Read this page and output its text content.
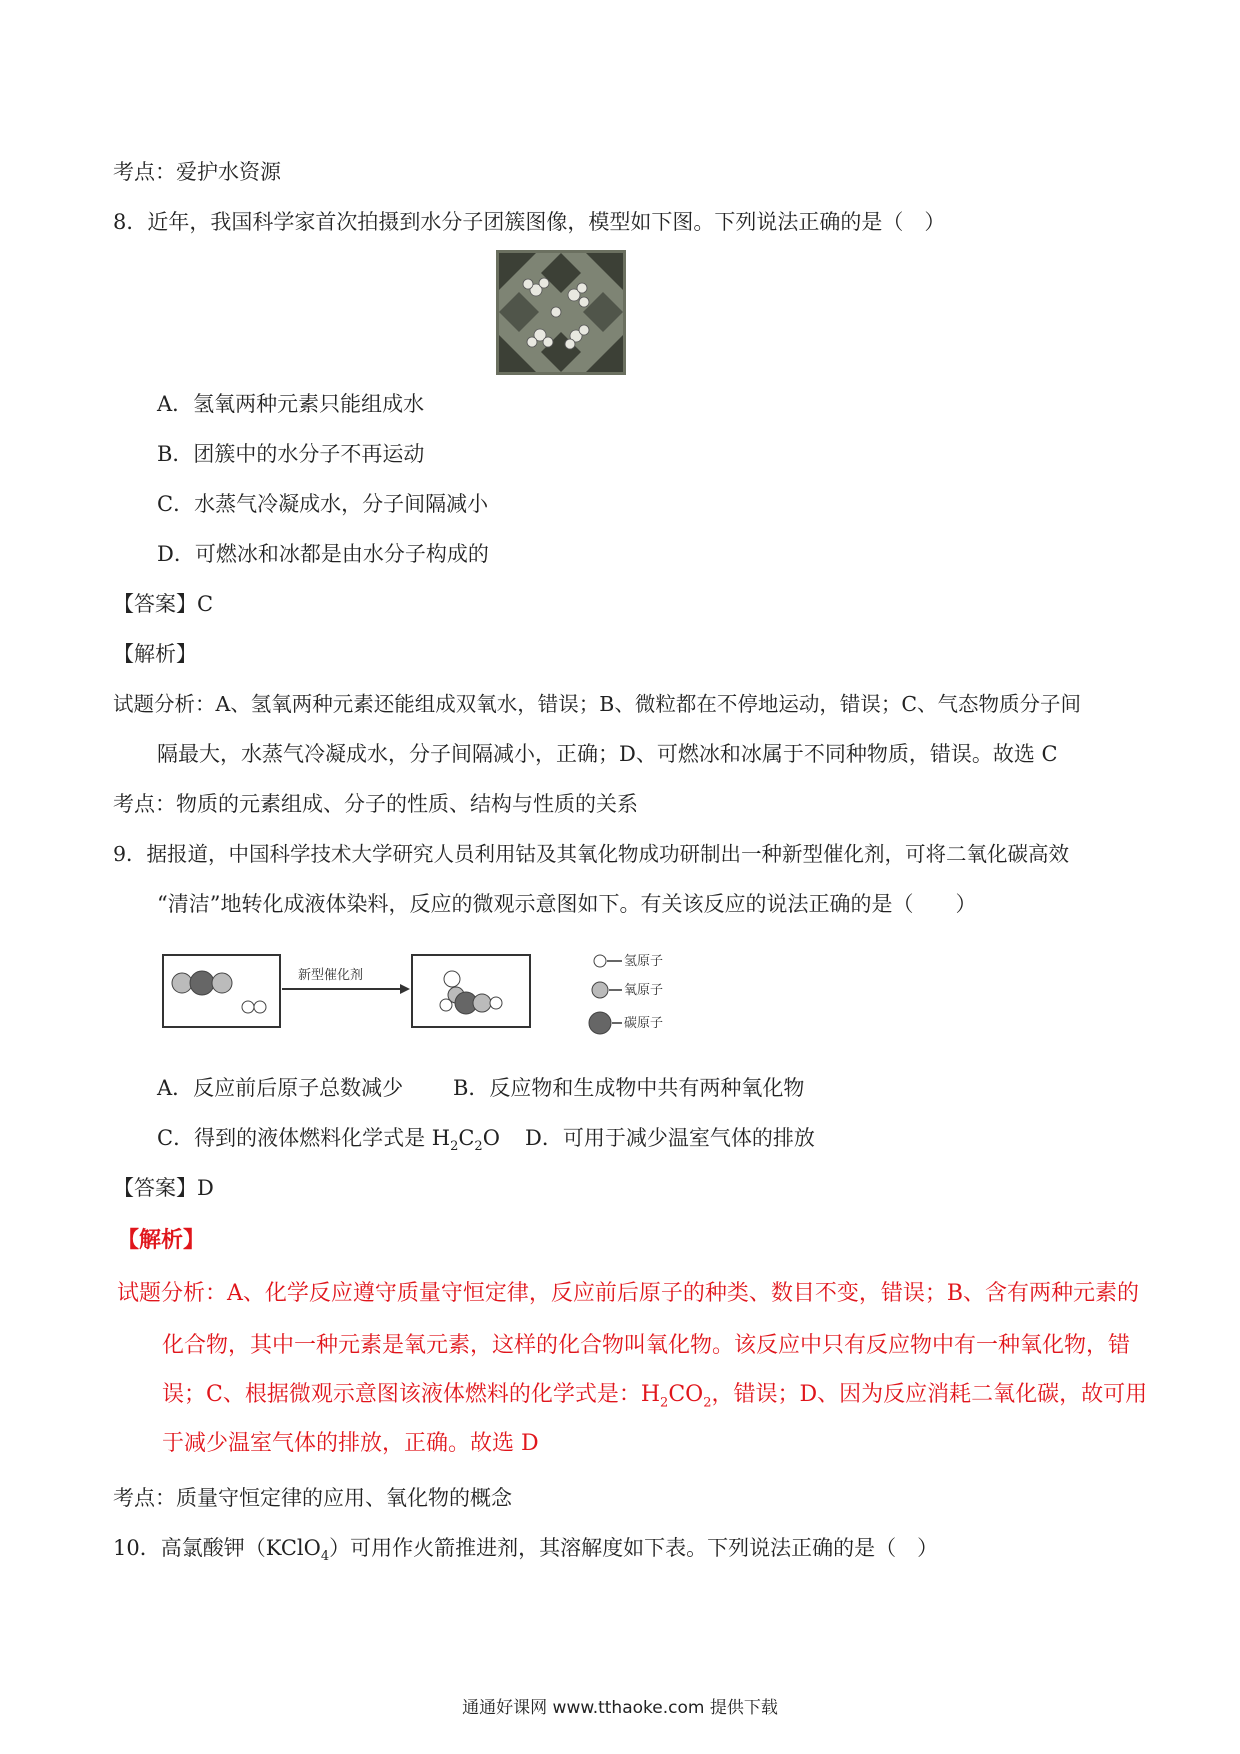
考点：爱护水资源
8．近年，我国科学家首次拍摄到水分子团簇图像，模型如下图。下列说法正确的是（　）
A．氢氧两种元素只能组成水
B．团簇中的水分子不再运动
C．水蒸气冷凝成水，分子间隔减小
D．可燃冰和冰都是由水分子构成的
【答案】C
【解析】
试题分析：A、氢氧两种元素还能组成双氧水，错误；B、微粒都在不停地运动，错误；C、气态物质分子间
隔最大，水蒸气冷凝成水，分子间隔减小，正确；D、可燃冰和冰属于不同种物质，错误。故选 C
考点：物质的元素组成、分子的性质、结构与性质的关系
9．据报道，中国科学技术大学研究人员利用钴及其氧化物成功研制出一种新型催化剂，可将二氧化碳高效
“清洁”地转化成液体染料，反应的微观示意图如下。有关该反应的说法正确的是（　　）
新型催化剂
氢原子
氧原子
碳原子
A．反应前后原子总数减少 B．反应物和生成物中共有两种氧化物
C．得到的液体燃料化学式是 $H_2C_2O$ D．可用于减少温室气体的排放
【答案】D
【解析】
试题分析：A、化学反应遵守质量守恒定律，反应前后原子的种类、数目不变，错误；B、含有两种元素的
化合物，其中一种元素是氧元素，这样的化合物叫氧化物。该反应中只有反应物中有一种氧化物，错
误；C、根据微观示意图该液体燃料的化学式是：$H_2CO_2$，错误；D、因为反应消耗二氧化碳，故可用
于减少温室气体的排放，正确。故选 D
考点：质量守恒定律的应用、氧化物的概念
10．高氯酸钾（KClO$_4$）可用作火箭推进剂，其溶解度如下表。下列说法正确的是（　）
通通好课网 www.tthaoke.com 提供下载
